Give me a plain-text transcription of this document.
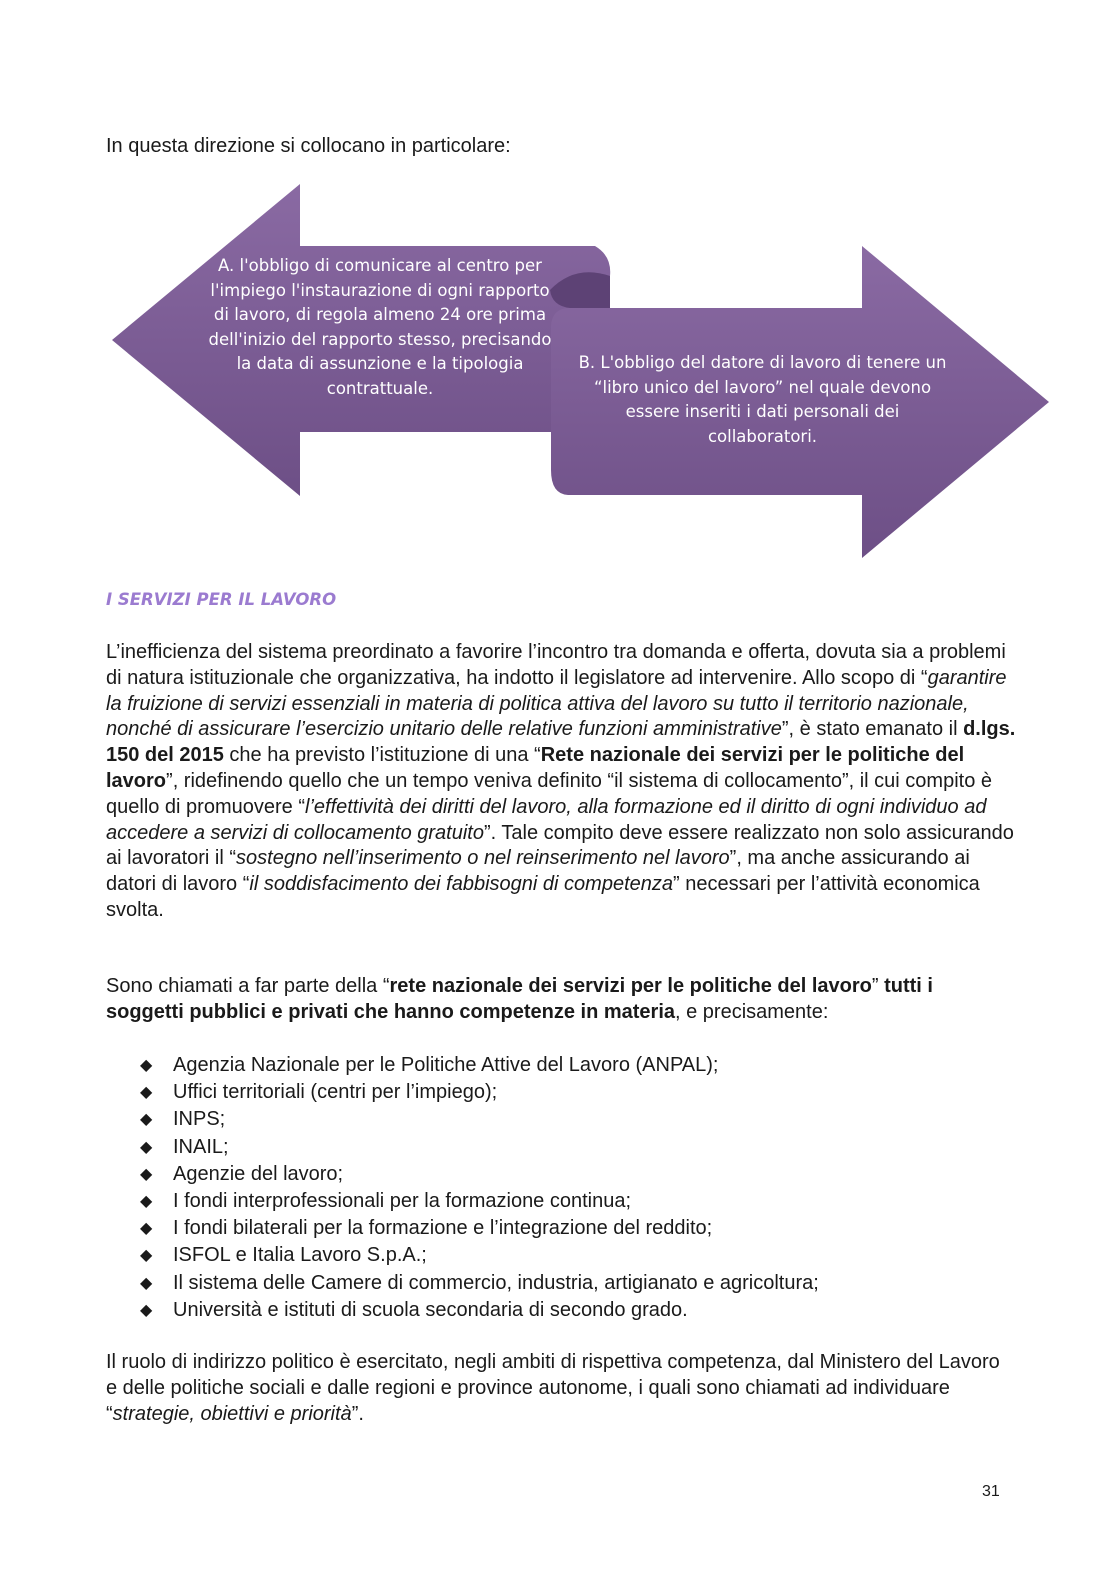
In questa direzione si collocano in particolare:
A. l'obbligo di comunicare al centro per l'impiego l'instaurazione di ogni rapporto di lavoro, di regola almeno 24 ore prima dell'inizio del rapporto stesso, precisando la data di assunzione e la tipologia contrattuale.
B. L'obbligo del datore di lavoro di tenere un “libro unico del lavoro” nel quale devono essere inseriti i dati personali dei collaboratori.
I SERVIZI PER IL LAVORO

L’inefficienza del sistema preordinato a favorire l’incontro tra domanda e offerta, dovuta sia a problemi di natura istituzionale che organizzativa, ha indotto il legislatore ad intervenire. Allo scopo di “garantire la fruizione di servizi essenziali in materia di politica attiva del lavoro su tutto il territorio nazionale, nonché di assicurare l’esercizio unitario delle relative funzioni amministrative”, è stato emanato il d.lgs. 150 del 2015 che ha previsto l’istituzione di una “Rete nazionale dei servizi per le politiche del lavoro”, ridefinendo quello che un tempo veniva definito “il sistema di collocamento”, il cui compito è quello di promuovere “l’effettività dei diritti del lavoro, alla formazione ed il diritto di ogni individuo ad accedere a servizi di collocamento gratuito”. Tale compito deve essere realizzato non solo assicurando ai lavoratori il “sostegno nell’inserimento o nel reinserimento nel lavoro”, ma anche assicurando ai datori di lavoro “il soddisfacimento dei fabbisogni di competenza” necessari per l’attività economica svolta.

Sono chiamati a far parte della “rete nazionale dei servizi per le politiche del lavoro” tutti i soggetti pubblici e privati che hanno competenze in materia, e precisamente:

◆ Agenzia Nazionale per le Politiche Attive del Lavoro (ANPAL);
◆ Uffici territoriali (centri per l’impiego);
◆ INPS;
◆ INAIL;
◆ Agenzie del lavoro;
◆ I fondi interprofessionali per la formazione continua;
◆ I fondi bilaterali per la formazione e l’integrazione del reddito;
◆ ISFOL e Italia Lavoro S.p.A.;
◆ Il sistema delle Camere di commercio, industria, artigianato e agricoltura;
◆ Università e istituti di scuola secondaria di secondo grado.

Il ruolo di indirizzo politico è esercitato, negli ambiti di rispettiva competenza, dal Ministero del Lavoro e delle politiche sociali e dalle regioni e province autonome, i quali sono chiamati ad individuare “strategie, obiettivi e priorità”.

31
